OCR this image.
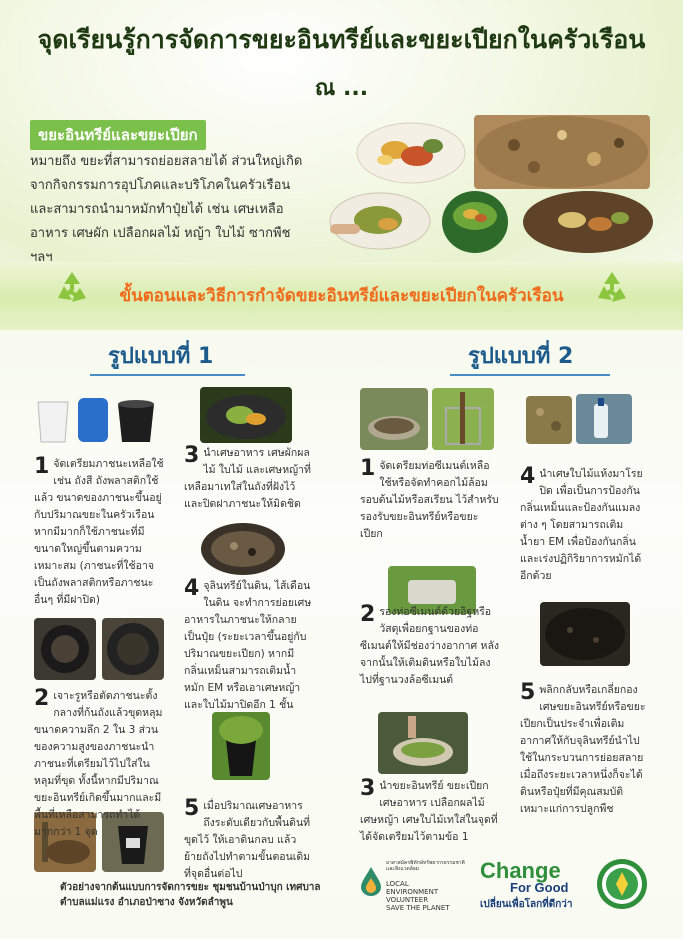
จุดเรียนรู้การจัดการขยะอินทรีย์และขยะเปียกในครัวเรือน
ณ ...
ขยะอินทรีย์และขยะเปียก
หมายถึง ขยะที่สามารถย่อยสลายได้ ส่วนใหญ่เกิดจากกิจกรรมการอุปโภคและบริโภคในครัวเรือน และสามารถนำมาหมักทำปุ๋ยได้ เช่น เศษเหลืออาหาร เศษผัก เปลือกผลไม้ หญ้า ใบไม้ ซากพืช ฯลฯ
ขั้นตอนและวิธีการกำจัดขยะอินทรีย์และขยะเปียกในครัวเรือน
รูปแบบที่ 1	รูปแบบที่ 2
1 จัดเตรียมภาชนะเหลือใช้ เช่น ถังสี ถังพลาสติกใช้แล้ว ขนาดของภาชนะขึ้นอยู่กับปริมาณขยะในครัวเรือน หากมีมากก็ใช้ภาชนะที่มีขนาดใหญ่ขึ้นตามความเหมาะสม (ภาชนะที่ใช้อาจเป็นถังพลาสติกหรือภาชนะอื่นๆ ที่มีฝาปิด)
2 เจาะรูหรือตัดภาชนะตั้งกลางที่ก้นถังแล้วขุดหลุมขนาดความลึก 2 ใน 3 ส่วนของความสูงของภาชนะนำภาชนะที่เตรียมไว้ไปใส่ในหลุมที่ขุด ทั้งนี้หากมีปริมาณขยะอินทรีย์เกิดขึ้นมากและมีพื้นที่เหลือสามารถทำได้มากกว่า 1 จุด
3 นำเศษอาหาร เศษผักผลไม้ ใบไม้ และเศษหญ้าที่เหลือมาเทใส่ในถังที่ฝังไว้ และปิดฝาภาชนะให้มิดชิด
4 จุลินทรีย์ในดิน, ไส้เดือนในดิน จะทำการย่อยเศษอาหารในภาชนะให้กลายเป็นปุ๋ย (ระยะเวลาขึ้นอยู่กับปริมาณขยะเปียก) หากมีกลิ่นเหม็นสามารถเติมน้ำหมัก EM หรือเอาเศษหญ้าและใบไม้มาปิดอีก 1 ชั้น
5 เมื่อปริมาณเศษอาหารถึงระดับเดียวกับพื้นดินที่ขุดไว้ ให้เอาดินกลบ แล้วย้ายถังไปทำตามขั้นตอนเดิมที่จุดอื่นต่อไป
1 จัดเตรียมท่อซีเมนต์เหลือใช้หรือจัดทำคอกไม้ล้อมรอบต้นไม้หรือสเรียน ไว้สำหรับรองรับขยะอินทรีย์หรือขยะเปียก
2 รองท่อซีเมนต์ด้วยอิฐหรือวัสดุเพื่อยกฐานของท่อซีเมนต์ให้มีช่องว่างอากาศ หลังจากนั้นให้เติมดินหรือใบไม้ลงไปที่ฐานวงล้อซีเมนต์
3 นำขยะอินทรีย์ ขยะเปียก เศษอาหาร เปลือกผลไม้ เศษหญ้า เศษใบไม้เทใส่ในจุดที่ได้จัดเตรียมไว้ตามข้อ 1
4 นำเศษใบไม้แห้งมาโรยปิด เพื่อเป็นการป้องกันกลิ่นเหม็นและป้องกันแมลงต่าง ๆ โดยสามารถเติมน้ำยา EM เพื่อป้องกันกลิ่นและเร่งปฏิกิริยาการหมักได้อีกด้วย
5 พลิกกลับหรือเกลี่ยกองเศษขยะอินทรีย์หรือขยะเปียกเป็นประจำเพื่อเติมอากาศให้กับจุลินทรีย์นำไปใช้ในกระบวนการย่อยสลาย เมื่อถึงระยะเวลาหนึ่งก็จะได้ดินหรือปุ๋ยที่มีคุณสมบัติเหมาะแก่การปลูกพืช
ตัวอย่างจากต้นแบบการจัดการขยะ ชุมชนบ้านป่าบุก เทศบาลตำบลแม่แรง อำเภอป่าซาง จังหวัดลำพูน
อาสาสมัครพิทักษ์ทรัพยากรธรรมชาติและสิ่งแวดล้อม
LOCAL
ENVIRONMENT
VOLUNTEER
SAVE THE PLANET
Change
For Good
เปลี่ยนเพื่อโลกที่ดีกว่า
